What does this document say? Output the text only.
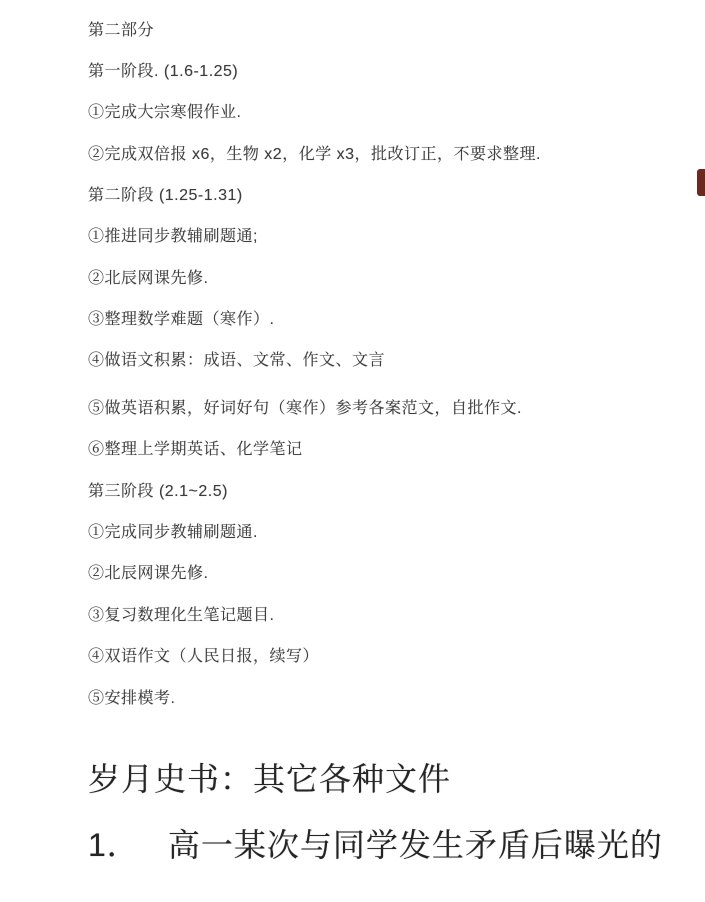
第二部分
第一阶段. (1.6-1.25)
①完成大宗寒假作业.
②完成双倍报 x6，生物 x2，化学 x3，批改订正，不要求整理.
第二阶段 (1.25-1.31)
①推进同步教辅刷题通;
②北辰网课先修.
③整理数学难题（寒作）.
④做语文积累：成语、文常、作文、文言
⑤做英语积累，好词好句（寒作）参考各案范文，自批作文.
⑥整理上学期英话、化学笔记
第三阶段 (2.1~2.5)
①完成同步教辅刷题通.
②北辰网课先修.
③复习数理化生笔记题目.
④双语作文（人民日报，续写）
⑤安排模考.
岁月史书：其它各种文件
1． 高一某次与同学发生矛盾后曝光的
